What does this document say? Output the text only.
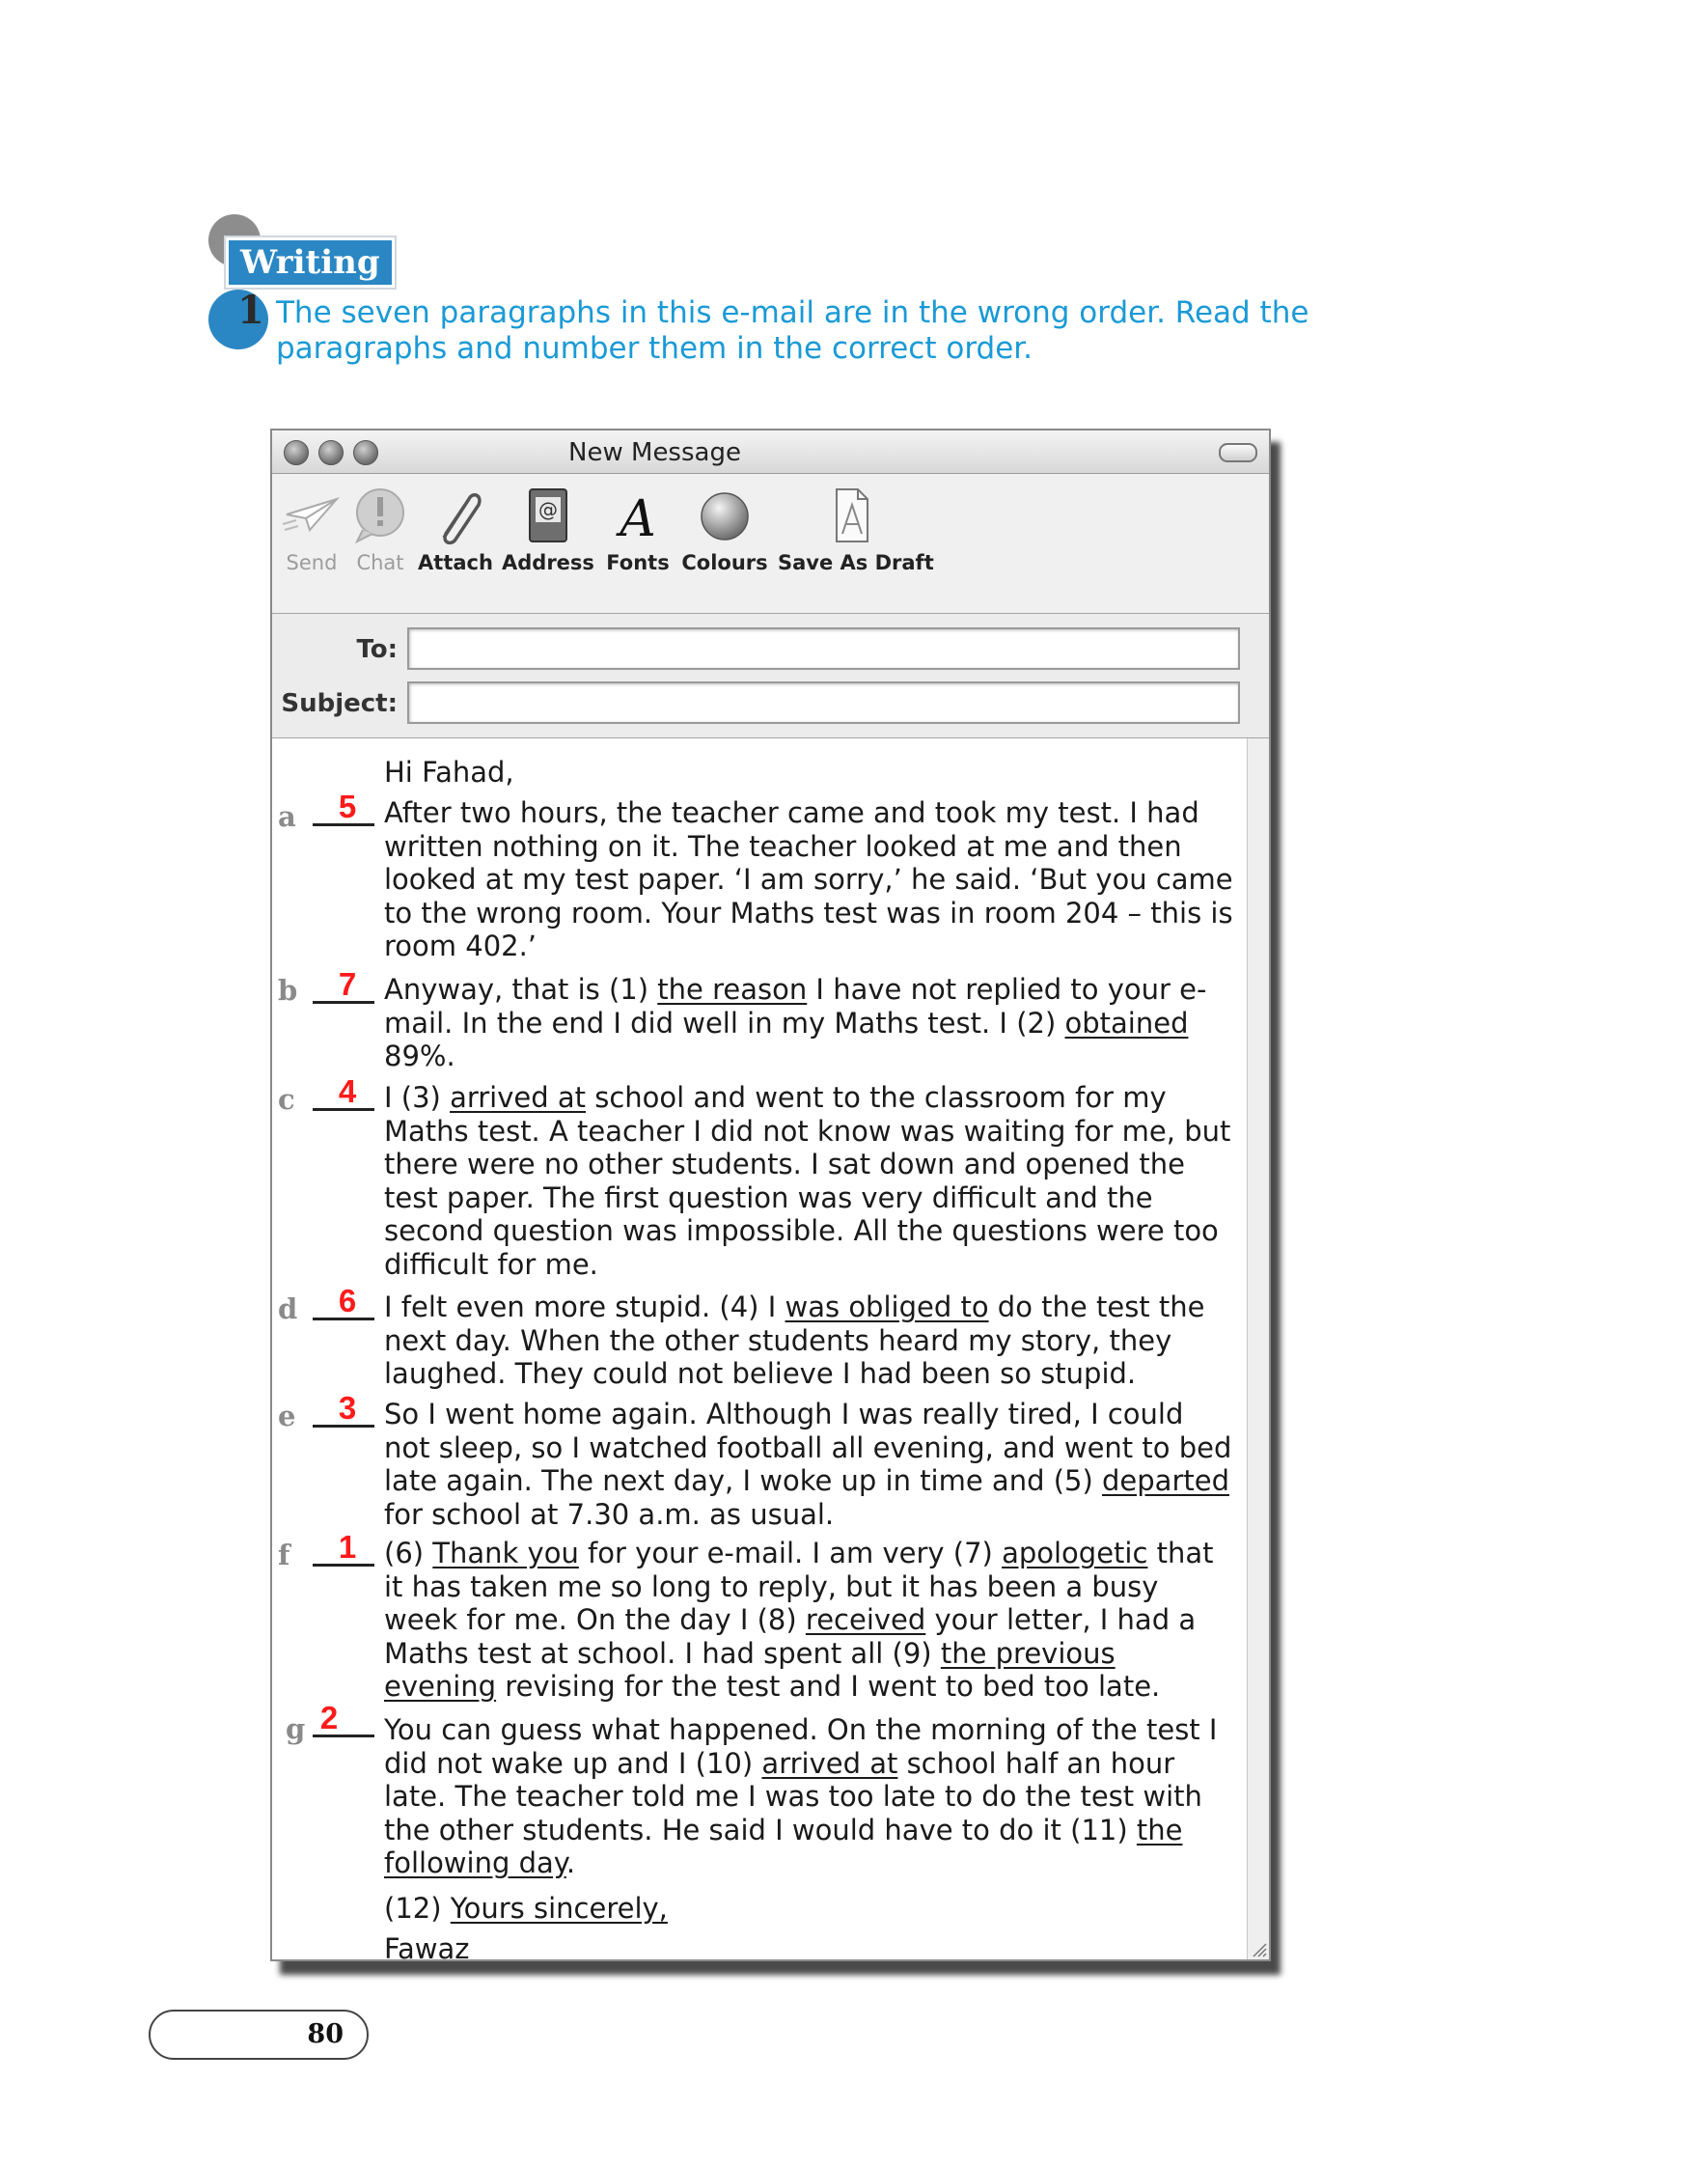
Writing
1 The seven paragraphs in this e-mail are in the wrong order. Read the paragraphs and number them in the correct order.
New Message
Send Chat Attach
@
Address
A
Fonts Colours Save As Draft
To:
Subject:
Hi Fahad,
a	5 After two hours, the teacher came and took my test. I had written nothing on it. The teacher looked at me and then looked at my test paper. ‘I am sorry,’ he said. ‘But you came to the wrong room. Your Maths test was in room 204 – this is room 402.’
b	7 Anyway, that is (1) the reason I have not replied to your e-mail. In the end I did well in my Maths test. I (2) obtained 89%.
c	4 I (3) arrived at school and went to the classroom for my Maths test. A teacher I did not know was waiting for me, but there were no other students. I sat down and opened the test paper. The first question was very difficult and the second question was impossible. All the questions were too difficult for me.
d	6 I felt even more stupid. (4) I was obliged to do the test the next day. When the other students heard my story, they laughed. They could not believe I had been so stupid.
e	3 So I went home again. Although I was really tired, I could not sleep, so I watched football all evening, and went to bed late again. The next day, I woke up in time and (5) departed for school at 7.30 a.m. as usual.
f	1 (6) Thank you for your e-mail. I am very (7) apologetic that it has taken me so long to reply, but it has been a busy week for me. On the day I (8) received your letter, I had a Maths test at school. I had spent all (9) the previous evening revising for the test and I went to bed too late.
g 2 You can guess what happened. On the morning of the test I did not wake up and I (10) arrived at school half an hour late. The teacher told me I was too late to do the test with the other students. He said I would have to do it (11) the following day.
(12) Yours sincerely,
Fawaz
80
